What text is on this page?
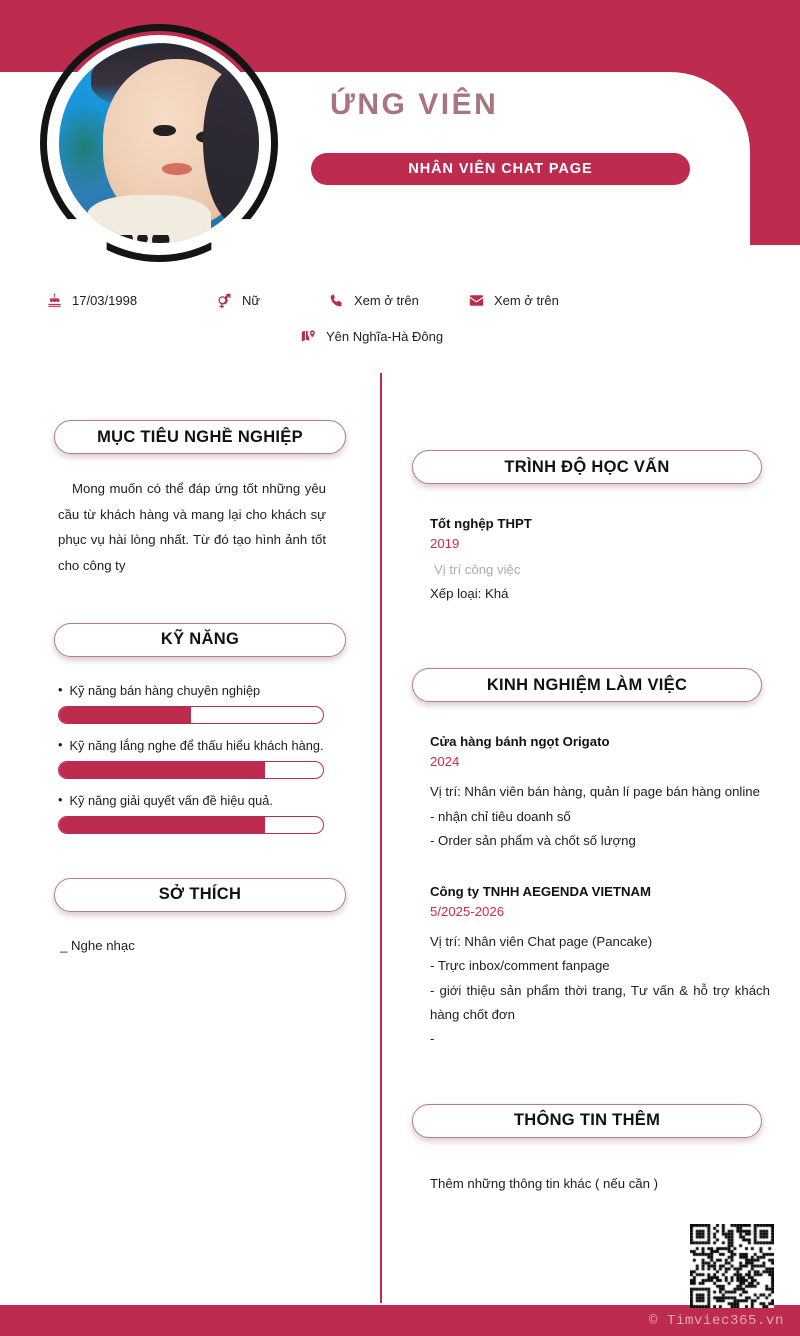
ỨNG VIÊN
NHÂN VIÊN CHAT PAGE
17/03/1998	Nữ	Xem ở trên	Xem ở trên
Yên Nghĩa-Hà Đông
MỤC TIÊU NGHỀ NGHIỆP
Mong muốn có thể đáp ứng tốt những yêu cầu từ khách hàng và mang lại cho khách sự phục vụ hài lòng nhất. Từ đó tạo hình ảnh tốt cho công ty
KỸ NĂNG
• Kỹ năng bán hàng chuyên nghiệp
• Kỹ năng lắng nghe để thấu hiểu khách hàng.
• Kỹ năng giải quyết vấn đề hiệu quả.
SỞ THÍCH
_ Nghe nhạc
TRÌNH ĐỘ HỌC VẤN
Tốt nghệp THPT
2019
Vị trí công việc
Xếp loại: Khá
KINH NGHIỆM LÀM VIỆC
Cửa hàng bánh ngọt Origato
2024
Vị trí: Nhân viên bán hàng, quản lí page bán hàng online
- nhận chỉ tiêu doanh số
- Order sản phẩm và chốt số lượng
Công ty TNHH AEGENDA VIETNAM
5/2025-2026
Vị trí: Nhân viên Chat page (Pancake)
- Trực inbox/comment fanpage
- giới thiệu sản phẩm thời trang, Tư vấn & hỗ trợ khách hàng chốt đơn
-
THÔNG TIN THÊM
Thêm những thông tin khác ( nếu cần )
© Timviec365.vn
